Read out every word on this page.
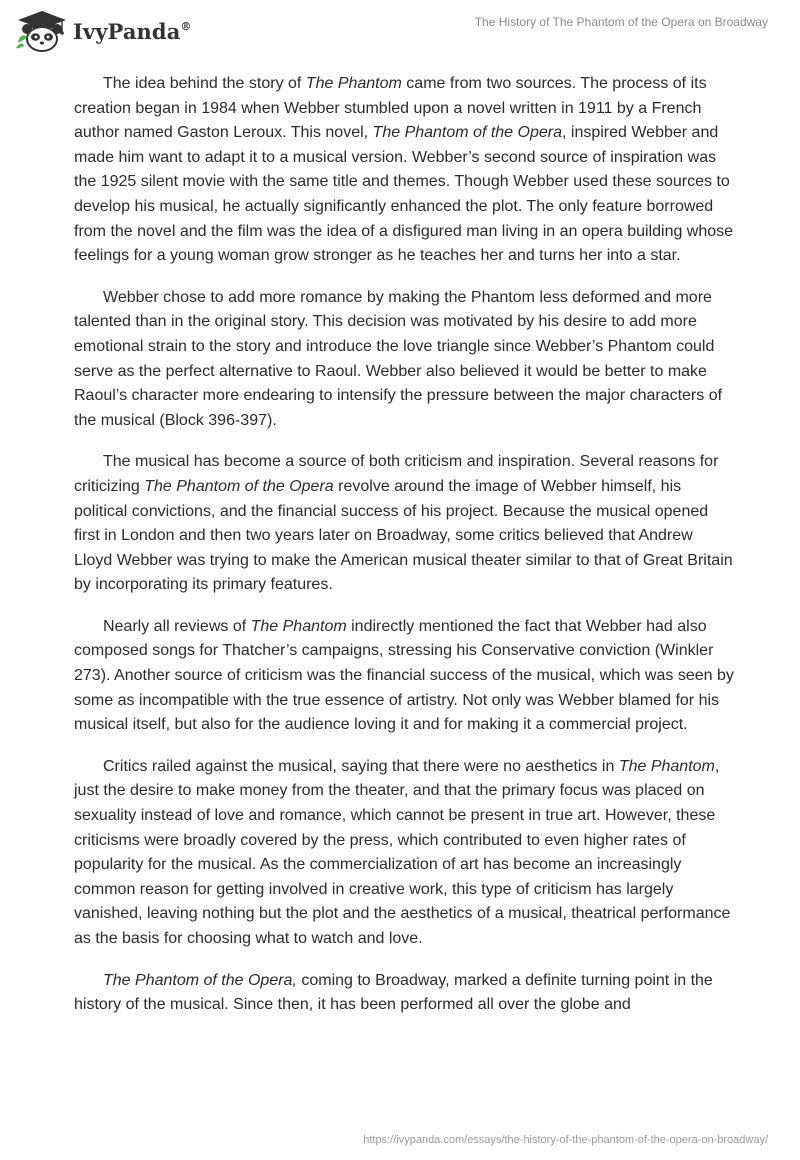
IvyPanda®	The History of The Phantom of the Opera on Broadway

The idea behind the story of The Phantom came from two sources. The process of its creation began in 1984 when Webber stumbled upon a novel written in 1911 by a French author named Gaston Leroux. This novel, The Phantom of the Opera, inspired Webber and made him want to adapt it to a musical version. Webber’s second source of inspiration was the 1925 silent movie with the same title and themes. Though Webber used these sources to develop his musical, he actually significantly enhanced the plot. The only feature borrowed from the novel and the film was the idea of a disfigured man living in an opera building whose feelings for a young woman grow stronger as he teaches her and turns her into a star.

Webber chose to add more romance by making the Phantom less deformed and more talented than in the original story. This decision was motivated by his desire to add more emotional strain to the story and introduce the love triangle since Webber’s Phantom could serve as the perfect alternative to Raoul. Webber also believed it would be better to make Raoul’s character more endearing to intensify the pressure between the major characters of the musical (Block 396-397).

The musical has become a source of both criticism and inspiration. Several reasons for criticizing The Phantom of the Opera revolve around the image of Webber himself, his political convictions, and the financial success of his project. Because the musical opened first in London and then two years later on Broadway, some critics believed that Andrew Lloyd Webber was trying to make the American musical theater similar to that of Great Britain by incorporating its primary features.

Nearly all reviews of The Phantom indirectly mentioned the fact that Webber had also composed songs for Thatcher’s campaigns, stressing his Conservative conviction (Winkler 273). Another source of criticism was the financial success of the musical, which was seen by some as incompatible with the true essence of artistry. Not only was Webber blamed for his musical itself, but also for the audience loving it and for making it a commercial project.

Critics railed against the musical, saying that there were no aesthetics in The Phantom, just the desire to make money from the theater, and that the primary focus was placed on sexuality instead of love and romance, which cannot be present in true art. However, these criticisms were broadly covered by the press, which contributed to even higher rates of popularity for the musical. As the commercialization of art has become an increasingly common reason for getting involved in creative work, this type of criticism has largely vanished, leaving nothing but the plot and the aesthetics of a musical, theatrical performance as the basis for choosing what to watch and love.

The Phantom of the Opera, coming to Broadway, marked a definite turning point in the history of the musical. Since then, it has been performed all over the globe and

https://ivypanda.com/essays/the-history-of-the-phantom-of-the-opera-on-broadway/
